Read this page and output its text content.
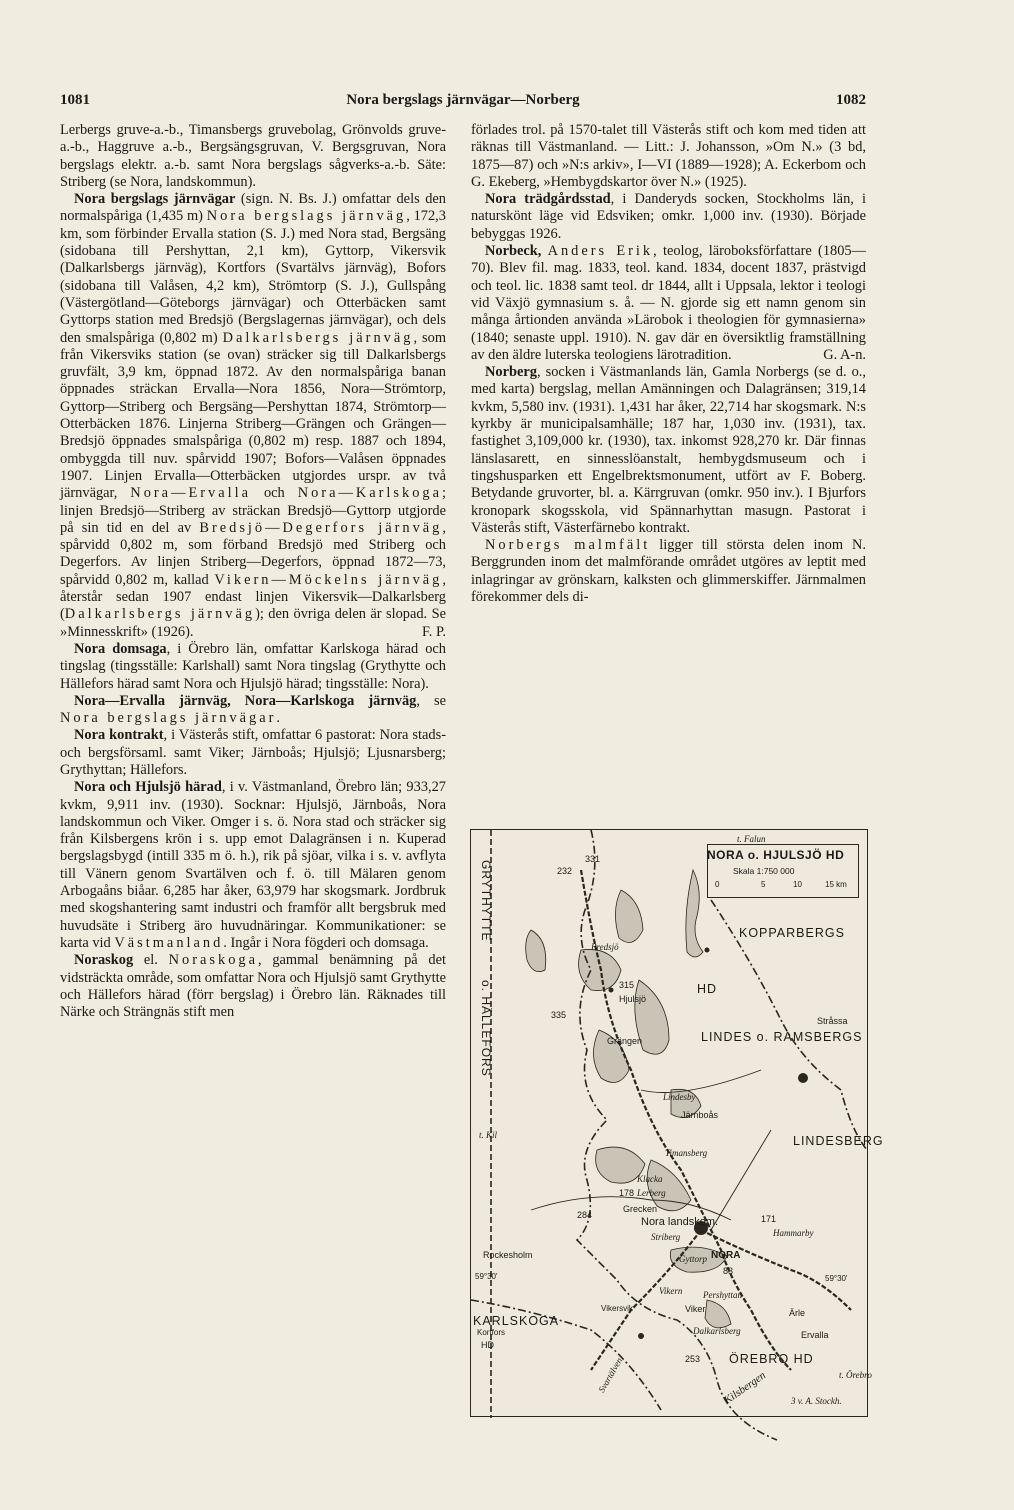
1081	Nora bergslags järnvägar—Norberg	1082

Lerbergs gruve-a.-b., Timansbergs gruvebolag, Grönvolds gruve-a.-b., Haggruve a.-b., Bergsängsgruvan, V. Bergsgruvan, Nora bergslags elektr. a.-b. samt Nora bergslags sågverks-a.-b. Säte: Striberg (se Nora, landskommun).

Nora bergslags järnvägar (sign. N. Bs. J.) omfattar dels den normalspåriga (1,435 m) Nora bergslags järnväg, 172,3 km, som förbinder Ervalla station (S. J.) med Nora stad, Bergsäng (sidobana till Pershyttan, 2,1 km), Gyttorp, Vikersvik (Dalkarlsbergs järnväg), Kortfors (Svartälvs järnväg), Bofors (sidobana till Valåsen, 4,2 km), Strömtorp (S. J.), Gullspång (Västergötland—Göteborgs järnvägar) och Otterbäcken samt Gyttorps station med Bredsjö (Bergslagernas järnvägar), och dels den smalspåriga (0,802 m) Dalkarlsbergs järnväg, som från Vikersviks station (se ovan) sträcker sig till Dalkarlsbergs gruvfält, 3,9 km, öppnad 1872. Av den normalspåriga banan öppnades sträckan Ervalla—Nora 1856, Nora—Strömtorp, Gyttorp—Striberg och Bergsäng—Pershyttan 1874, Strömtorp—Otterbäcken 1876. Linjerna Striberg—Grängen och Grängen—Bredsjö öppnades smalspåriga (0,802 m) resp. 1887 och 1894, ombyggda till nuv. spårvidd 1907; Bofors—Valåsen öppnades 1907. Linjen Ervalla—Otterbäcken utgjordes urspr. av två järnvägar, Nora—Ervalla och Nora—Karlskoga; linjen Bredsjö—Striberg av sträckan Bredsjö—Gyttorp utgjorde på sin tid en del av Bredsjö—Degerfors järnväg, spårvidd 0,802 m, som förband Bredsjö med Striberg och Degerfors. Av linjen Striberg—Degerfors, öppnad 1872—73, spårvidd 0,802 m, kallad Vikern—Möckelns järnväg, återstår sedan 1907 endast linjen Vikersvik—Dalkarlsberg (Dalkarlsbergs järnväg); den övriga delen är slopad. Se »Minnesskrift» (1926).	F. P.

Nora domsaga, i Örebro län, omfattar Karlskoga härad och tingslag (tingsställe: Karlshall) samt Nora tingslag (Grythytte och Hällefors härad samt Nora och Hjulsjö härad; tingsställe: Nora).

Nora—Ervalla järnväg, Nora—Karlskoga järnväg, se Nora bergslags järnvägar.

Nora kontrakt, i Västerås stift, omfattar 6 pastorat: Nora stads- och bergsförsaml. samt Viker; Järnboås; Hjulsjö; Ljusnarsberg; Grythyttan; Hällefors.

Nora och Hjulsjö härad, i v. Västmanland, Örebro län; 933,27 kvkm, 9,911 inv. (1930). Socknar: Hjulsjö, Järnboås, Nora landskommun och Viker. Omger i s. ö. Nora stad och sträcker sig från Kilsbergens krön i s. upp emot Dalagränsen i n. Kuperad bergslagsbygd (intill 335 m ö. h.), rik på sjöar, vilka i s. v. avflyta till Vänern genom Svartälven och f. ö. till Mälaren genom Arbogaåns biåar. 6,285 har åker, 63,979 har skogsmark. Jordbruk med skogshantering samt industri och framför allt bergsbruk med huvudsäte i Striberg äro huvudnäringar. Kommunikationer: se karta vid Västmanland. Ingår i Nora fögderi och domsaga.

Noraskog el. Noraskoga, gammal benämning på det vidsträckta område, som omfattar Nora och Hjulsjö samt Grythytte och Hällefors härad (förr bergslag) i Örebro län. Räknades till Närke och Strängnäs stift men

förlades trol. på 1570-talet till Västerås stift och kom med tiden att räknas till Västmanland. — Litt.: J. Johansson, »Om N.» (3 bd, 1875—87) och »N:s arkiv», I—VI (1889—1928); A. Eckerbom och G. Ekeberg, »Hembygdskartor över N.» (1925).

Nora trädgårdsstad, i Danderyds socken, Stockholms län, i naturskönt läge vid Edsviken; omkr. 1,000 inv. (1930). Började bebyggas 1926.

Norbeck, Anders Erik, teolog, läroboksförfattare (1805—70). Blev fil. mag. 1833, teol. kand. 1834, docent 1837, prästvigd och teol. lic. 1838 samt teol. dr 1844, allt i Uppsala, lektor i teologi vid Växjö gymnasium s. å. — N. gjorde sig ett namn genom sin många årtionden använda »Lärobok i theologien för gymnasierna» (1840; senaste uppl. 1910). N. gav där en översiktlig framställning av den äldre luterska teologiens lärotradition.	G. A-n.

Norberg, socken i Västmanlands län, Gamla Norbergs (se d. o., med karta) bergslag, mellan Amänningen och Dalagränsen; 319,14 kvkm, 5,580 inv. (1931). 1,431 har åker, 22,714 har skogsmark. N:s kyrkby är municipalsamhälle; 187 har, 1,030 inv. (1931), tax. fastighet 3,109,000 kr. (1930), tax. inkomst 928,270 kr. Där finnas länslasarett, en sinnesslöanstalt, hembygdsmuseum och i tingshusparken ett Engelbrektsmonument, utfört av F. Boberg. Betydande gruvorter, bl. a. Kärrgruvan (omkr. 950 inv.). I Bjurfors kronopark skogsskola, vid Spännarhyttan masugn. Pastorat i Västerås stift, Västerfärnebo kontrakt.

Norbergs malmfält ligger till största delen inom N. Berggrunden inom det malmförande området utgöres av leptit med inlagringar av grönskarn, kalksten och glimmerskiffer. Järnmalmen förekommer dels di-

NORA o. HJULSJÖ HD
Skala 1:750 000
0	5	10	15 km
GRYTHYTTE
o. HÄLLEFORS
KOPPARBERGS
LINDES o. RAMSBERGS
LINDESBERG
KARLSKOGA
ÖREBRO HD
HD
232
331
Bredsjö
315
Hjulsjö
335
Grängen
Stråssa
Lindesby
Järnboås
Timansberg
Klacka
Lerberg
178
284
Grecken
Nora landskom.
Striberg
171
Hammarby
Rockesholm	Gyttorp NORA
83
59°30'	59°30'
Vikern
Vikersvik	Viker
Pershyttan
Ärle
Kortfors
HD
Dalkarlsberg
253
Ervalla
Kilsbergen
t. Falun
t. Kil
t. Örebro
Svartälven
3 v. A. Stockh.
